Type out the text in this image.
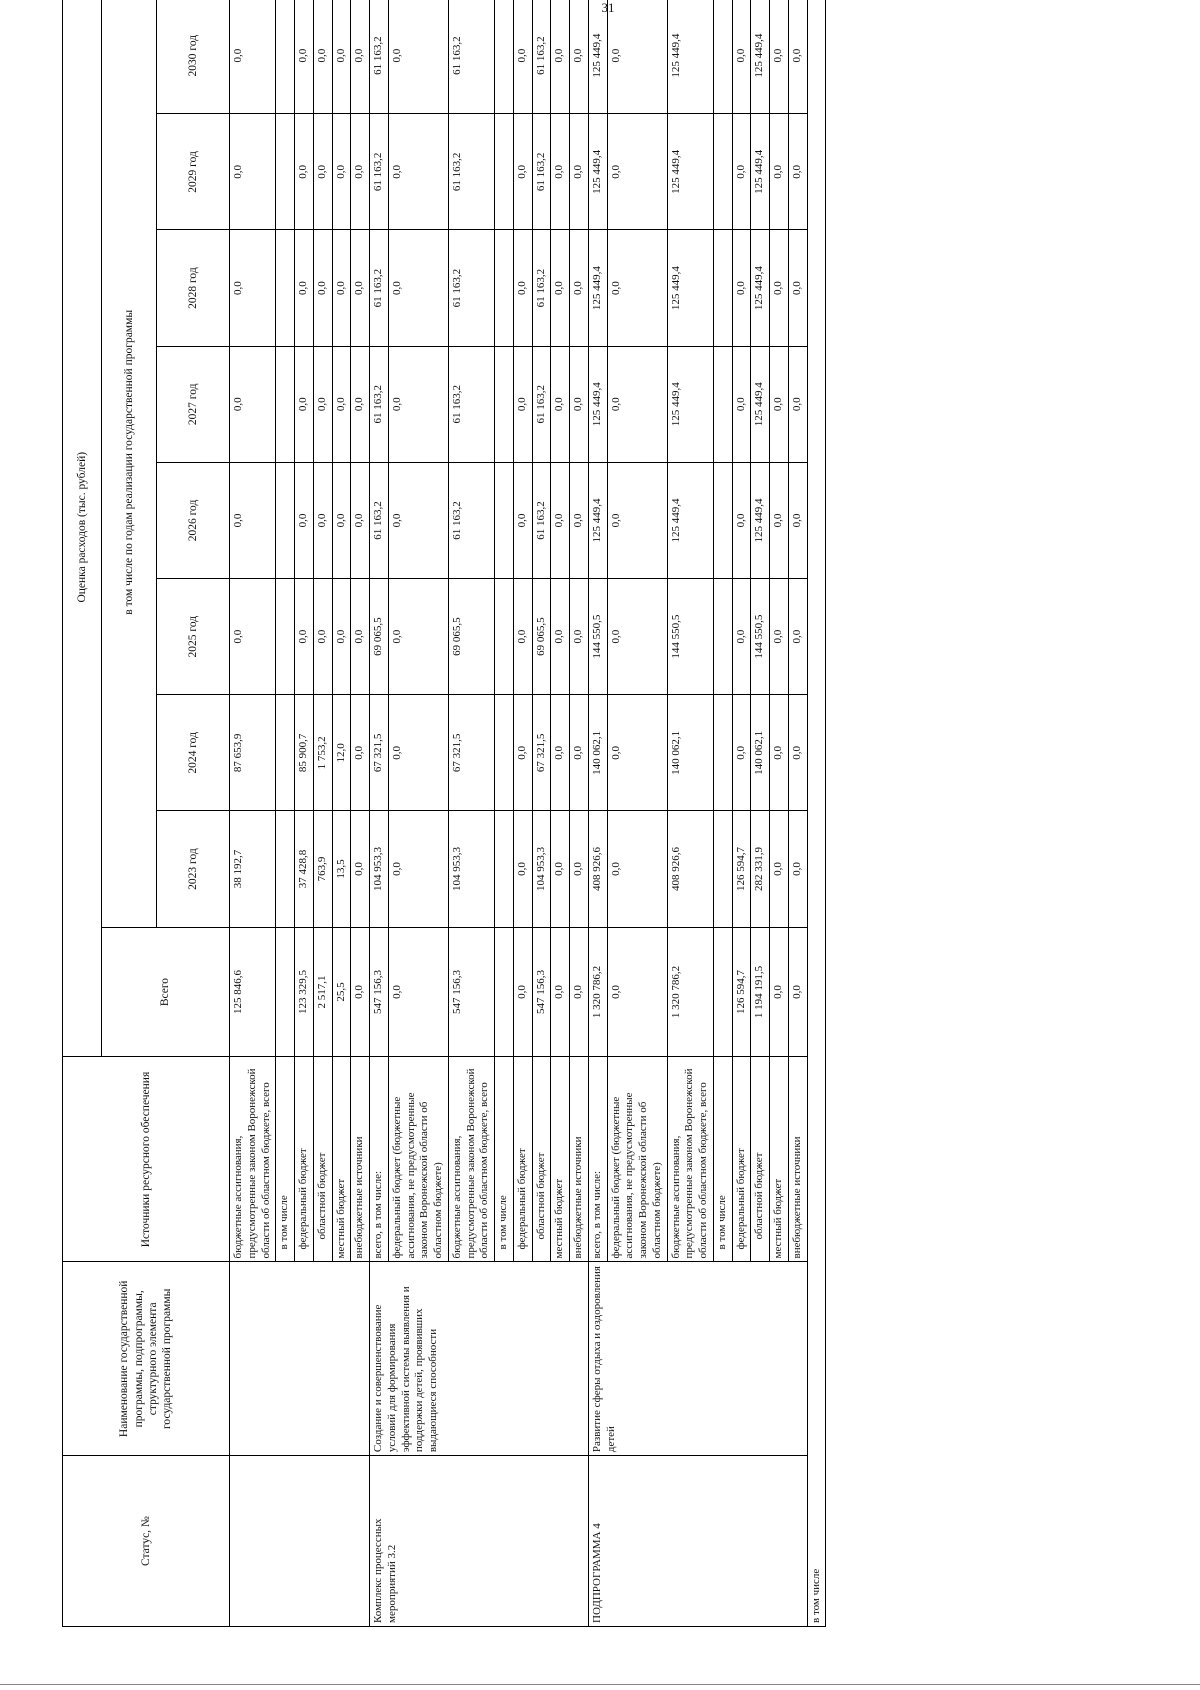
31
Статус, №	Наименование государственной программы, подпрограммы, структурного элемента государственной программы	Источники ресурсного обеспечения	Оценка расходов (тыс. рублей)								
			Всего	в том числе по годам реализации государственной программы							
				2023 год	2024 год	2025 год	2026 год	2027 год	2028 год	2029 год	2030 год
		бюджетные ассигнования, предусмотренные законом Воронежской области об областном бюджете, всего	125 846,6	38 192,7	87 653,9	0,0	0,0	0,0	0,0	0,0	0,0
		в том числе									
		федеральный бюджет	123 329,5	37 428,8	85 900,7	0,0	0,0	0,0	0,0	0,0	0,0
		областной бюджет	2 517,1	763,9	1 753,2	0,0	0,0	0,0	0,0	0,0	0,0
		местный бюджет	25,5	13,5	12,0	0,0	0,0	0,0	0,0	0,0	0,0
		внебюджетные источники	0,0	0,0	0,0	0,0	0,0	0,0	0,0	0,0	0,0
Комплекс процессных мероприятий 3.2	Создание и совершенствование условий для формирования эффективной системы выявления и поддержки детей, проявивших выдающиеся способности	всего, в том числе:	547 156,3	104 953,3	67 321,5	69 065,5	61 163,2	61 163,2	61 163,2	61 163,2	61 163,2
		федеральный бюджет (бюджетные ассигнования, не предусмотренные законом Воронежской области об областном бюджете)	0,0	0,0	0,0	0,0	0,0	0,0	0,0	0,0	0,0
		бюджетные ассигнования, предусмотренные законом Воронежской области об областном бюджете, всего	547 156,3	104 953,3	67 321,5	69 065,5	61 163,2	61 163,2	61 163,2	61 163,2	61 163,2
		в том числе									
		федеральный бюджет	0,0	0,0	0,0	0,0	0,0	0,0	0,0	0,0	0,0
		областной бюджет	547 156,3	104 953,3	67 321,5	69 065,5	61 163,2	61 163,2	61 163,2	61 163,2	61 163,2
		местный бюджет	0,0	0,0	0,0	0,0	0,0	0,0	0,0	0,0	0,0
		внебюджетные источники	0,0	0,0	0,0	0,0	0,0	0,0	0,0	0,0	0,0
ПОДПРОГРАММА 4	Развитие сферы отдыха и оздоровления детей	всего, в том числе:	1 320 786,2	408 926,6	140 062,1	144 550,5	125 449,4	125 449,4	125 449,4	125 449,4	125 449,4
		федеральный бюджет (бюджетные ассигнования, не предусмотренные законом Воронежской области об областном бюджете)	0,0	0,0	0,0	0,0	0,0	0,0	0,0	0,0	0,0
		бюджетные ассигнования, предусмотренные законом Воронежской области об областном бюджете, всего	1 320 786,2	408 926,6	140 062,1	144 550,5	125 449,4	125 449,4	125 449,4	125 449,4	125 449,4
		в том числе									
		федеральный бюджет	126 594,7	126 594,7	0,0	0,0	0,0	0,0	0,0	0,0	0,0
		областной бюджет	1 194 191,5	282 331,9	140 062,1	144 550,5	125 449,4	125 449,4	125 449,4	125 449,4	125 449,4
		местный бюджет	0,0	0,0	0,0	0,0	0,0	0,0	0,0	0,0	0,0
		внебюджетные источники	0,0	0,0	0,0	0,0	0,0	0,0	0,0	0,0	0,0
в том числе											
